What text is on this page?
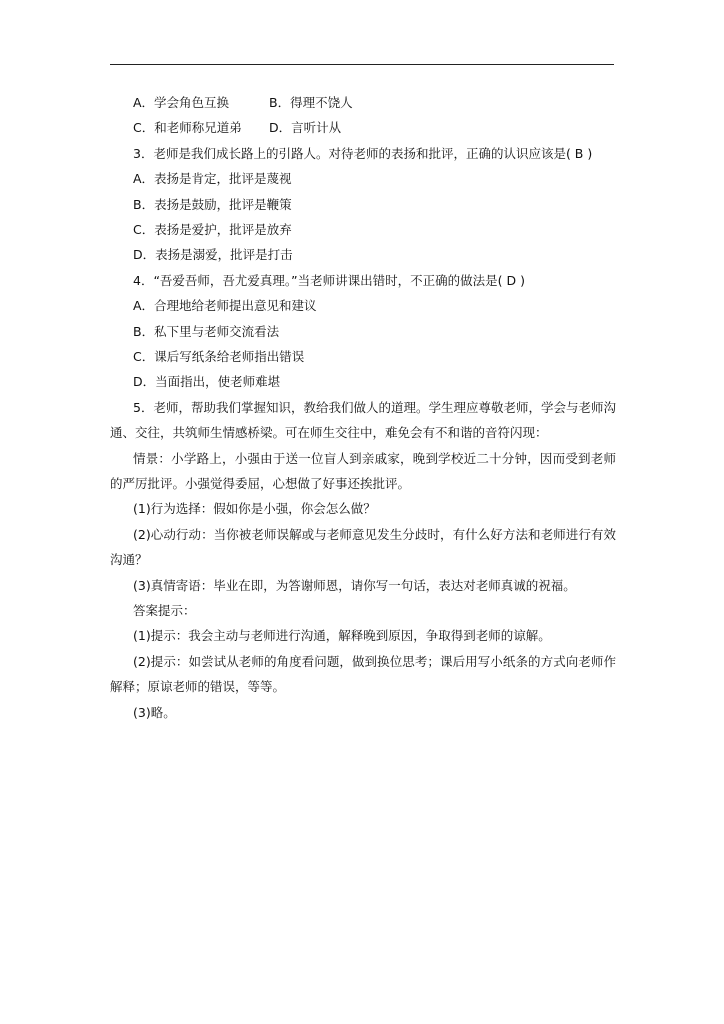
A．学会角色互换	B．得理不饶人
C．和老师称兄道弟	D．言听计从
3．老师是我们成长路上的引路人。对待老师的表扬和批评，正确的认识应该是( B )
A．表扬是肯定，批评是蔑视
B．表扬是鼓励，批评是鞭策
C．表扬是爱护，批评是放弃
D．表扬是溺爱，批评是打击
4．“吾爱吾师，吾尤爱真理。”当老师讲课出错时，不正确的做法是( D )
A．合理地给老师提出意见和建议
B．私下里与老师交流看法
C．课后写纸条给老师指出错误
D．当面指出，使老师难堪
5．老师，帮助我们掌握知识，教给我们做人的道理。学生理应尊敬老师，学会与老师沟通、交往，共筑师生情感桥梁。可在师生交往中，难免会有不和谐的音符闪现：
情景：小学路上，小强由于送一位盲人到亲戚家，晚到学校近二十分钟，因而受到老师的严厉批评。小强觉得委屈，心想做了好事还挨批评。
(1)行为选择：假如你是小强，你会怎么做？
(2)心动行动：当你被老师误解或与老师意见发生分歧时，有什么好方法和老师进行有效沟通？
(3)真情寄语：毕业在即，为答谢师恩，请你写一句话，表达对老师真诚的祝福。
答案提示：
(1)提示：我会主动与老师进行沟通，解释晚到原因，争取得到老师的谅解。
(2)提示：如尝试从老师的角度看问题，做到换位思考；课后用写小纸条的方式向老师作解释；原谅老师的错误，等等。
(3)略。
